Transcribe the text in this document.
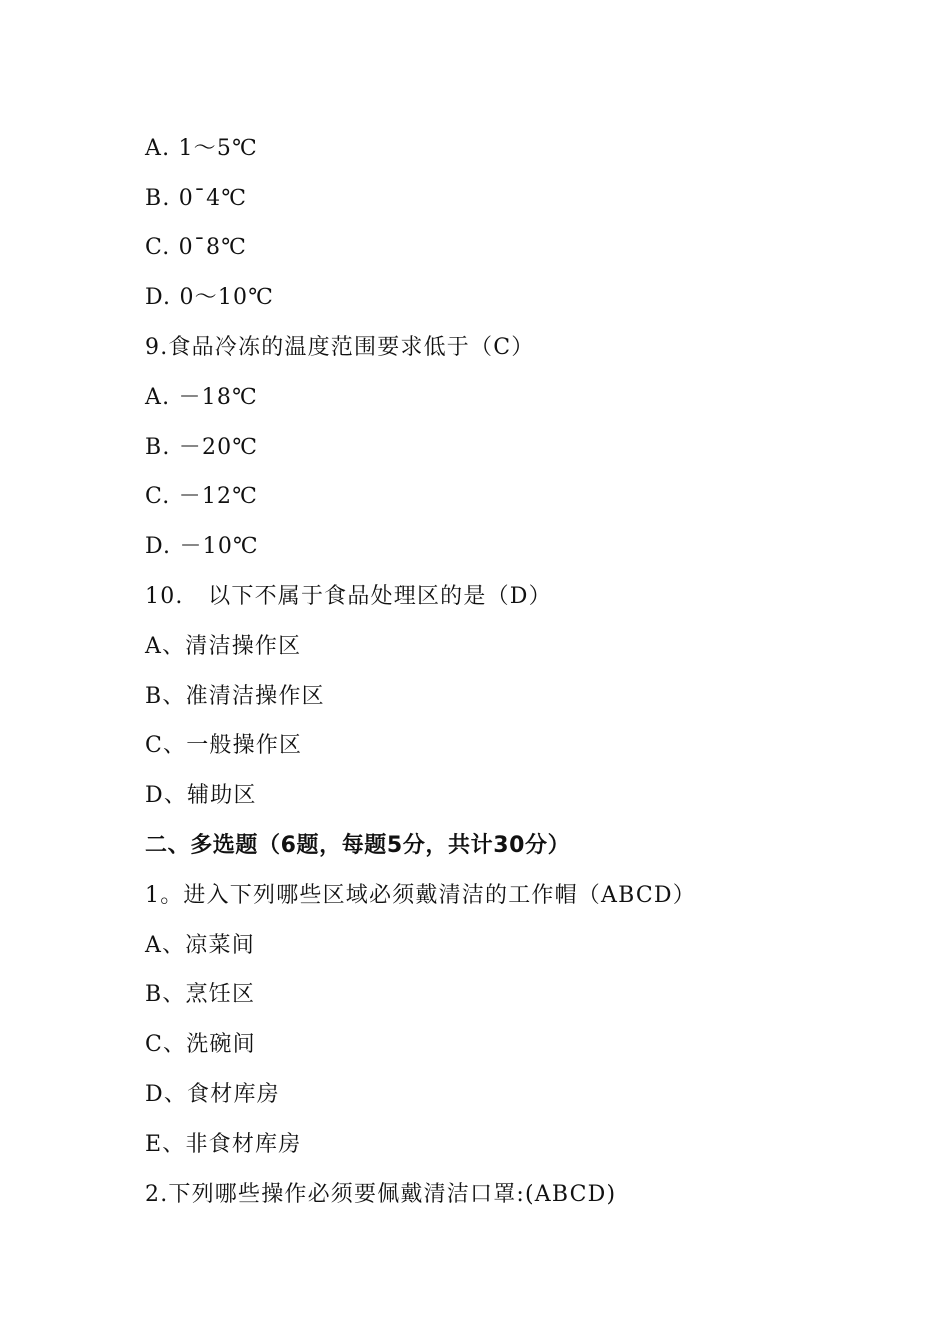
A. 1～5℃
B. 0ˉ4℃
C. 0ˉ8℃
D. 0～10℃
9.食品冷冻的温度范围要求低于（C）
A. －18℃
B. －20℃
C. －12℃
D. －10℃
10.   以下不属于食品处理区的是（D）
A、清洁操作区
B、准清洁操作区
C、一般操作区
D、辅助区
二、多选题（6题，每题5分，共计30分）
1。进入下列哪些区域必须戴清洁的工作帽（ABCD）
A、凉菜间
B、烹饪区
C、洗碗间
D、食材库房
E、非食材库房
2.下列哪些操作必须要佩戴清洁口罩:(ABCD)
